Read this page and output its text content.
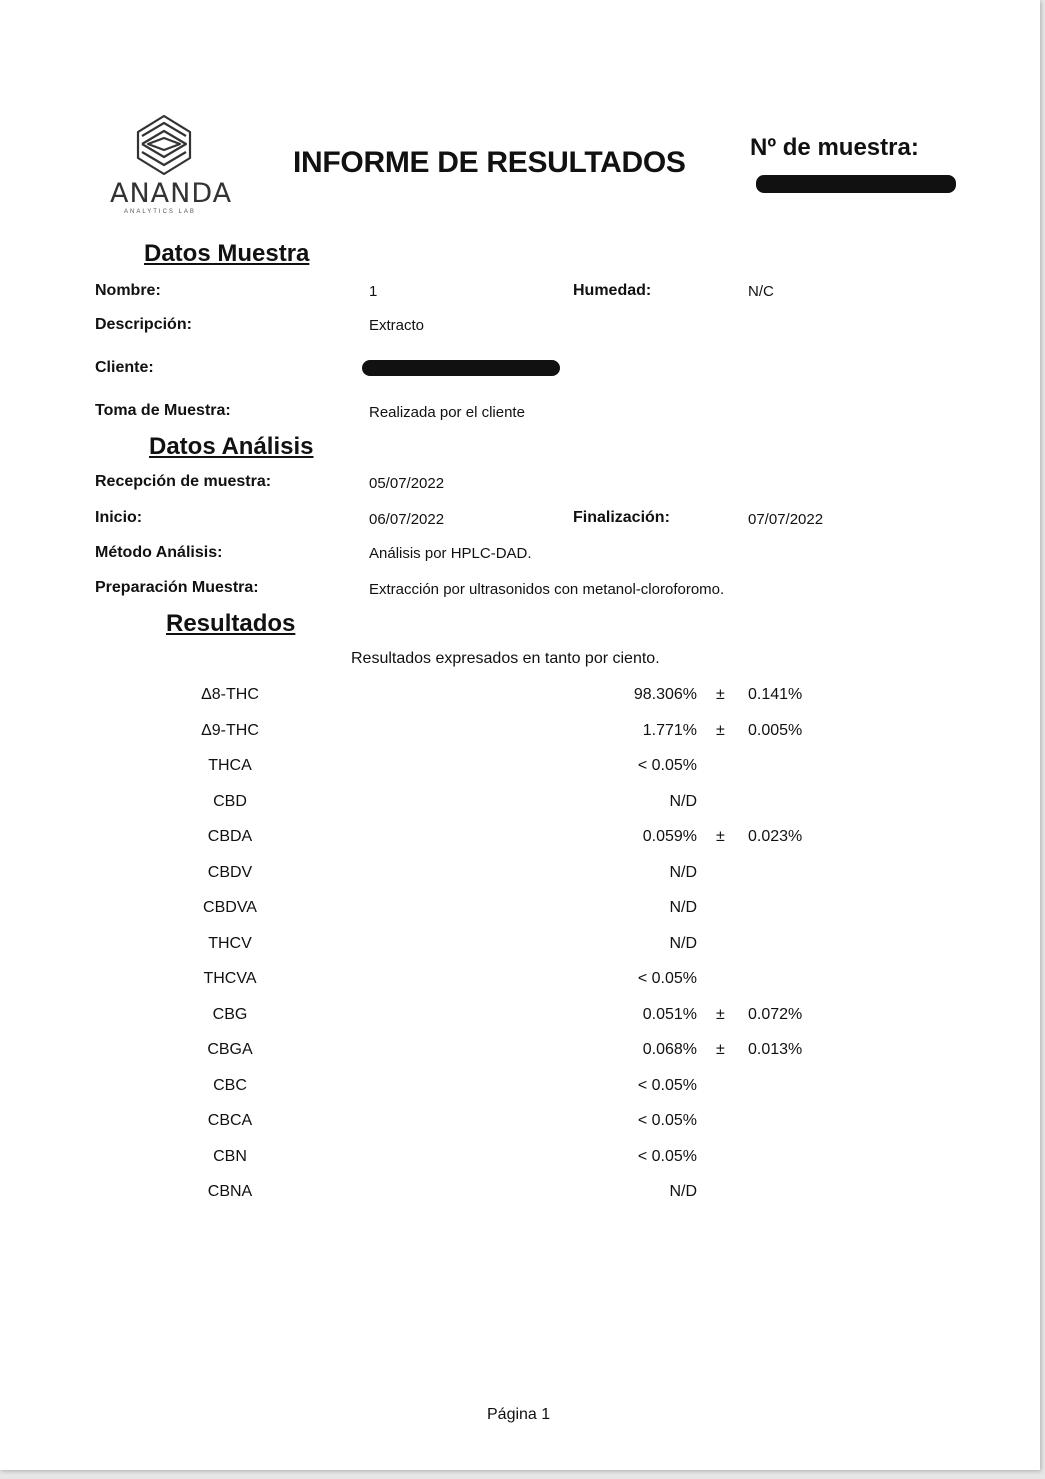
ANANDA
ANALYTICS LAB
INFORME DE RESULTADOS	Nº de muestra:
Datos Muestra
Nombre:	1	Humedad:	N/C
Descripción:	Extracto
Cliente:
Toma de Muestra:	Realizada por el cliente
Datos Análisis
Recepción de muestra:	05/07/2022
Inicio:	06/07/2022	Finalización:	07/07/2022
Método Análisis:	Análisis por HPLC-DAD.
Preparación Muestra:	Extracción por ultrasonidos con metanol-cloroforomo.
Resultados
Resultados expresados en tanto por ciento.
Δ8-THC	98.306% ± 0.141%
Δ9-THC	1.771% ± 0.005%
THCA	< 0.05%
CBD	N/D
CBDA	0.059% ± 0.023%
CBDV	N/D
CBDVA	N/D
THCV	N/D
THCVA	< 0.05%
CBG	0.051% ± 0.072%
CBGA	0.068% ± 0.013%
CBC	< 0.05%
CBCA	< 0.05%
CBN	< 0.05%
CBNA	N/D
Página 1
